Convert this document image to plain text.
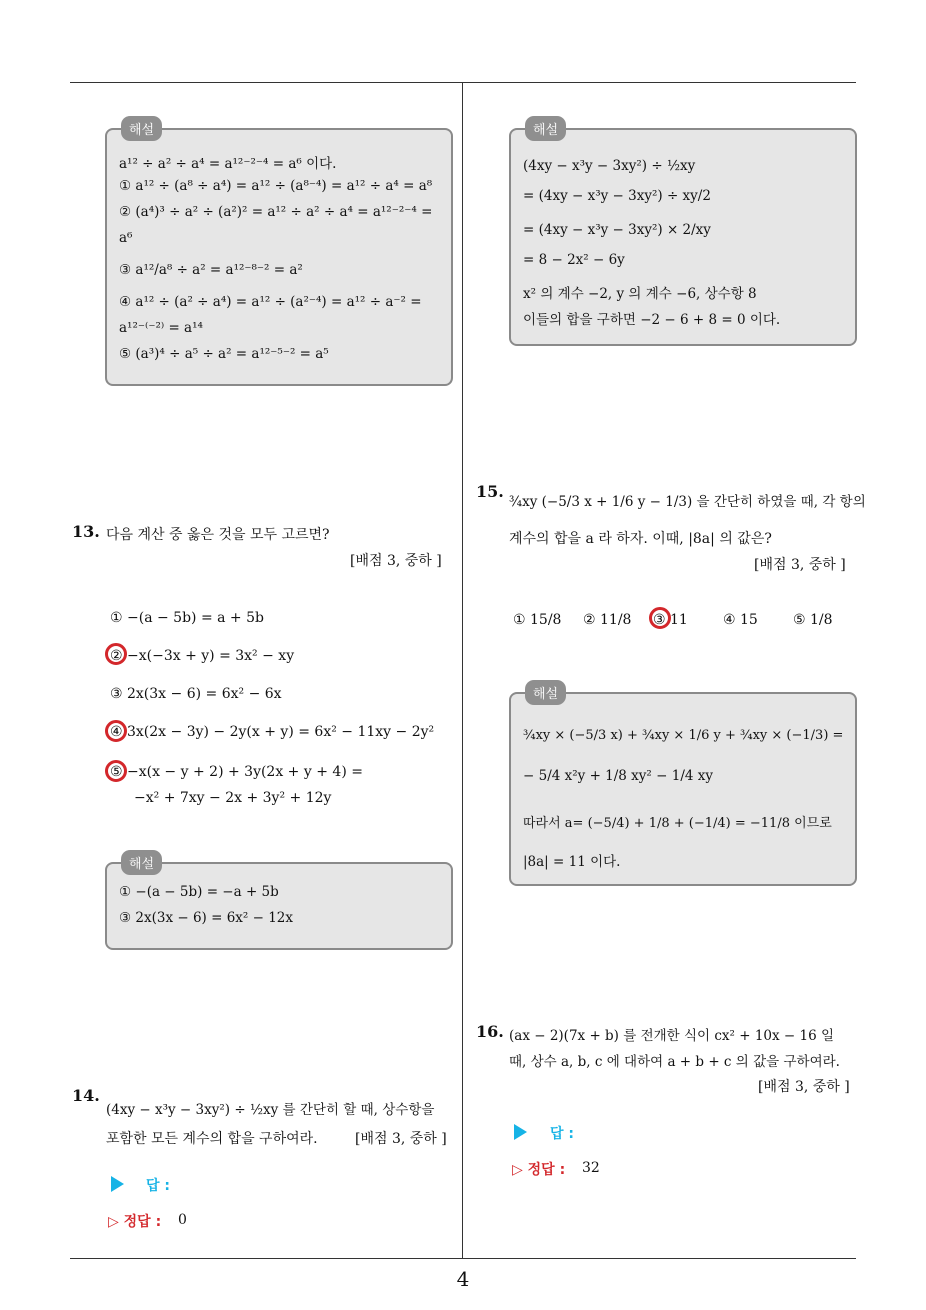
해설
a¹² ÷ a² ÷ a⁴ = a¹²⁻²⁻⁴ = a⁶ 이다.
① a¹² ÷ (a⁸ ÷ a⁴) = a¹² ÷ (a⁸⁻⁴) = a¹² ÷ a⁴ = a⁸
② (a⁴)³ ÷ a² ÷ (a²)² = a¹² ÷ a² ÷ a⁴ = a¹²⁻²⁻⁴ =
a⁶
③ a¹²/a⁸ ÷ a² = a¹²⁻⁸⁻² = a²
④ a¹² ÷ (a² ÷ a⁴) = a¹² ÷ (a²⁻⁴) = a¹² ÷ a⁻² =
a¹²⁻⁽⁻²⁾ = a¹⁴
⑤ (a³)⁴ ÷ a⁵ ÷ a² = a¹²⁻⁵⁻² = a⁵
해설
(4xy − x³y − 3xy²) ÷ ½xy
= (4xy − x³y − 3xy²) ÷ xy/2
= (4xy − x³y − 3xy²) × 2/xy
= 8 − 2x² − 6y
x² 의 계수 −2, y 의 계수 −6, 상수항 8
이들의 합을 구하면 −2 − 6 + 8 = 0 이다.
13. 다음 계산 중 옳은 것을 모두 고르면?
[배점 3, 중하 ]
① −(a − 5b) = a + 5b
② −x(−3x + y) = 3x² − xy
③ 2x(3x − 6) = 6x² − 6x
④ 3x(2x − 3y) − 2y(x + y) = 6x² − 11xy − 2y²
⑤ −x(x − y + 2) + 3y(2x + y + 4) =
−x² + 7xy − 2x + 3y² + 12y
해설
① −(a − 5b) = −a + 5b
③ 2x(3x − 6) = 6x² − 12x
14.
(4xy − x³y − 3xy²) ÷ ½xy 를 간단히 할 때, 상수항을
포함한 모든 계수의 합을 구하여라.	[배점 3, 중하 ]
답 :
▷ 정답 : 0
15.
¾xy (−5/3 x + 1/6 y − 1/3) 을 간단히 하였을 때, 각 항의
계수의 합을 a 라 하자. 이때, |8a| 의 값은?
[배점 3, 중하 ]
① 15/8 ② 11/8 ③ 11	④ 15	⑤ 1/8
해설
¾xy × (−5/3 x) + ¾xy × 1/6 y + ¾xy × (−1/3) =
− 5/4 x²y + 1/8 xy² − 1/4 xy
따라서 a= (−5/4) + 1/8 + (−1/4) = −11/8 이므로
|8a| = 11 이다.
16. (ax − 2)(7x + b) 를 전개한 식이 cx² + 10x − 16 일
때, 상수 a, b, c 에 대하여 a + b + c 의 값을 구하여라.
[배점 3, 중하 ]
답 :
▷ 정답 : 32
4
